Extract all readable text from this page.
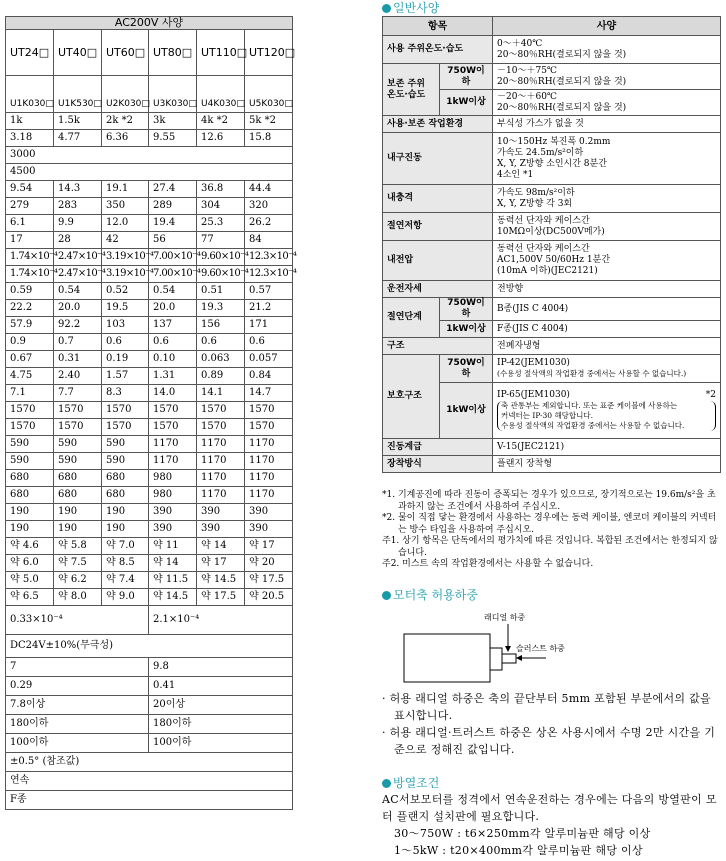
AC200V 사양					
UT24□	UT40□	UT60□	UT80□	UT110□	UT120□
U1K030□	U1K530□	U2K030□	U3K030□	U4K030□	U5K030□
1k	1.5k	2k *2	3k	4k *2	5k *2
3.18	4.77	6.36	9.55	12.6	15.8
3000					
4500					
9.54	14.3	19.1	27.4	36.8	44.4
279	283	350	289	304	320
6.1	9.9	12.0	19.4	25.3	26.2
17	28	42	56	77	84
1.74×10⁻⁴	2.47×10⁻⁴	3.19×10⁻⁴	7.00×10⁻⁴	9.60×10⁻⁴	12.3×10⁻⁴
1.74×10⁻⁴	2.47×10⁻⁴	3.19×10⁻⁴	7.00×10⁻⁴	9.60×10⁻⁴	12.3×10⁻⁴
0.59	0.54	0.52	0.54	0.51	0.57
22.2	20.0	19.5	20.0	19.3	21.2
57.9	92.2	103	137	156	171
0.9	0.7	0.6	0.6	0.6	0.6
0.67	0.31	0.19	0.10	0.063	0.057
4.75	2.40	1.57	1.31	0.89	0.84
7.1	7.7	8.3	14.0	14.1	14.7
1570	1570	1570	1570	1570	1570
1570	1570	1570	1570	1570	1570
590	590	590	1170	1170	1170
590	590	590	1170	1170	1170
680	680	680	980	1170	1170
680	680	680	980	1170	1170
190	190	190	390	390	390
190	190	190	390	390	390
약 4.6	약 5.8	약 7.0	약 11	약 14	약 17
약 6.0	약 7.5	약 8.5	약 14	약 17	약 20
약 5.0	약 6.2	약 7.4	약 11.5	약 14.5	약 17.5
약 6.5	약 8.0	약 9.0	약 14.5	약 17.5	약 20.5
0.33×10⁻⁴			2.1×10⁻⁴		
DC24V±10%(무극성)					
7			9.8		
0.29			0.41		
7.8이상			20이상		
180이하			180이하		
100이하			100이하		
±0.5° (참조값)					
연속					
F종					
일반사양
항목		사양
사용 주위온도·습도		0～＋40℃
20～80％RH(결로되지 않을 것)
보존 주위 온도·습도	750W이하	－10～＋75℃
20～80％RH(결로되지 않을 것)
	1kW이상	－20～＋60℃
20～80％RH(결로되지 않을 것)
사용·보존 작업환경		부식성 가스가 없을 것
내구진동		10～150Hz 복진폭 0.2mm
가속도 24.5m/s²이하
X, Y, Z방향 소인시간 8분간
4소인 *1
내충격		가속도 98m/s²이하
X, Y, Z방향 각 3회
절연저항		동력선 단자와 케이스간
10MΩ이상(DC500V메가)
내전압		동력선 단자와 케이스간
AC1,500V 50/60Hz 1분간
(10mA 이하)(JEC2121)
운전자세		전방향
절연단계	750W이하	B종(JIS C 4004)
	1kW이상	F종(JIS C 4004)
구조		전폐자냉형
보호구조	750W이하	IP-42(JEM1030)
(수용성 절삭액의 작업환경 중에서는 사용할 수 없습니다.)
	1kW이상	IP-65(JEM1030) *2
축 관통부는 제외합니다. 또는 표준 케이블에 사용하는
커넥터는 IP-30 해당합니다.
수용성 절삭액의 작업환경 중에서는 사용할 수 없습니다.

진동계급		V-15(JEC2121)
장착방식		플랜지 장착형
*1. 기계공진에 따라 진동이 증폭되는 경우가 있으므로, 장기적으로는 19.6m/s²을 초과하지 않는 조건에서 사용하여 주십시오.
*2. 물이 직접 닿는 환경에서 사용하는 경우에는 동력 케이블, 엔코더 케이블의 커넥터는 방수 타입을 사용하여 주십시오.
주1. 상기 항목은 단독에서의 평가치에 따른 것입니다. 복합된 조건에서는 한정되지 않습니다.
주2. 미스트 속의 작업환경에서는 사용할 수 없습니다.
모터축 허용하중
래디얼 하중
슬러스트 하중
· 허용 래디얼 하중은 축의 끝단부터 5mm 포함된 부분에서의 값을 표시합니다.
· 허용 래디얼·트러스트 하중은 상온 사용시에서 수명 2만 시간을 기준으로 정해진 값입니다.
방열조건
AC서보모터를 정격에서 연속운전하는 경우에는 다음의 방열판이 모터 플랜지 설치판에 필요합니다.
30～750W : t6×250mm각 알루미늄판 해당 이상
1～5kW : t20×400mm각 알루미늄판 해당 이상
